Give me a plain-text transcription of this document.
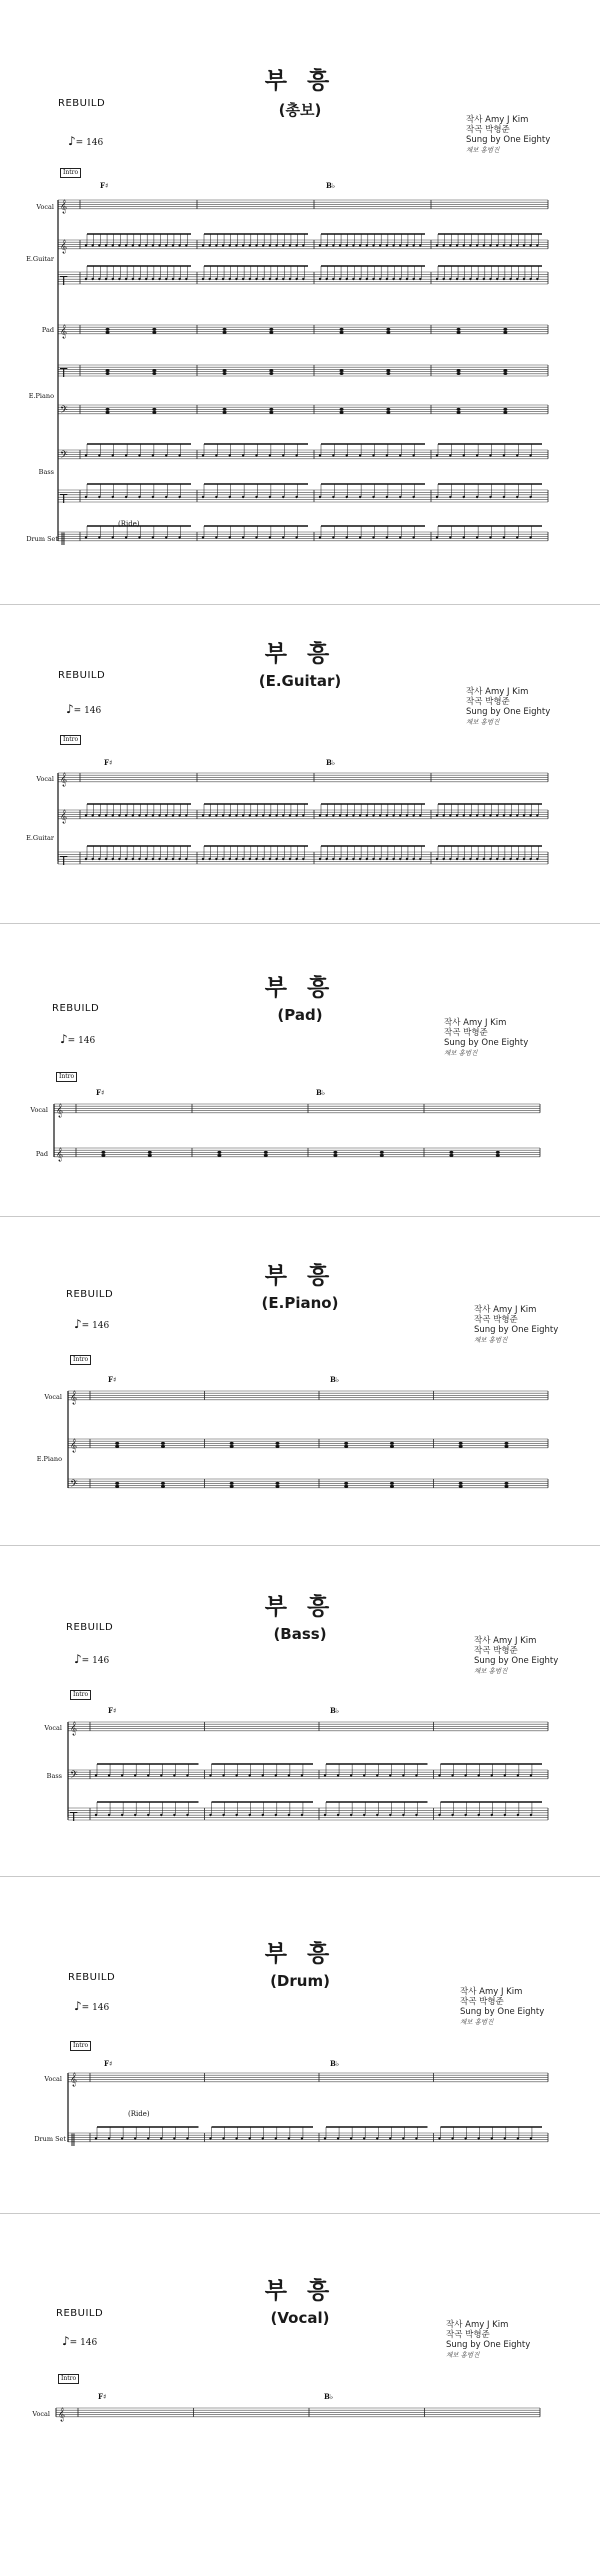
부 흥
(총보)
REBUILD
작사 Amy J Kim
작곡 박형준
Sung by One Eighty
채보 홍범진
♪= 146
Intro
F♯	B♭
Vocal
E.Guitar
Pad
E.Piano
Bass
Drum Set
𝄞
𝄞
T
𝄞
T
𝄢
𝄢
T
‖
(Ride)
부 흥
(E.Guitar)
REBUILD
작사 Amy J Kim
작곡 박형준
Sung by One Eighty
채보 홍범진
♪= 146
Intro
F♯	B♭
Vocal
E.Guitar
𝄞
𝄞
T
부 흥
(Pad)
REBUILD
작사 Amy J Kim
작곡 박형준
Sung by One Eighty
채보 홍범진
♪= 146
Intro
F♯	B♭
Vocal
Pad
𝄞
𝄞
부 흥
(E.Piano)
REBUILD
작사 Amy J Kim
작곡 박형준
Sung by One Eighty
채보 홍범진
♪= 146
Intro
F♯	B♭
Vocal
E.Piano
𝄞
𝄞
𝄢
부 흥
(Bass)
REBUILD
작사 Amy J Kim
작곡 박형준
Sung by One Eighty
채보 홍범진
♪= 146
Intro
F♯	B♭
Vocal
Bass
𝄞
𝄢
T
부 흥
(Drum)
REBUILD
작사 Amy J Kim
작곡 박형준
Sung by One Eighty
채보 홍범진
♪= 146
Intro
F♯	B♭
Vocal
Drum Set
(Ride)
𝄞
‖
부 흥
(Vocal)
REBUILD
작사 Amy J Kim
작곡 박형준
Sung by One Eighty
채보 홍범진
♪= 146
Intro
F♯	B♭
Vocal 𝄞
